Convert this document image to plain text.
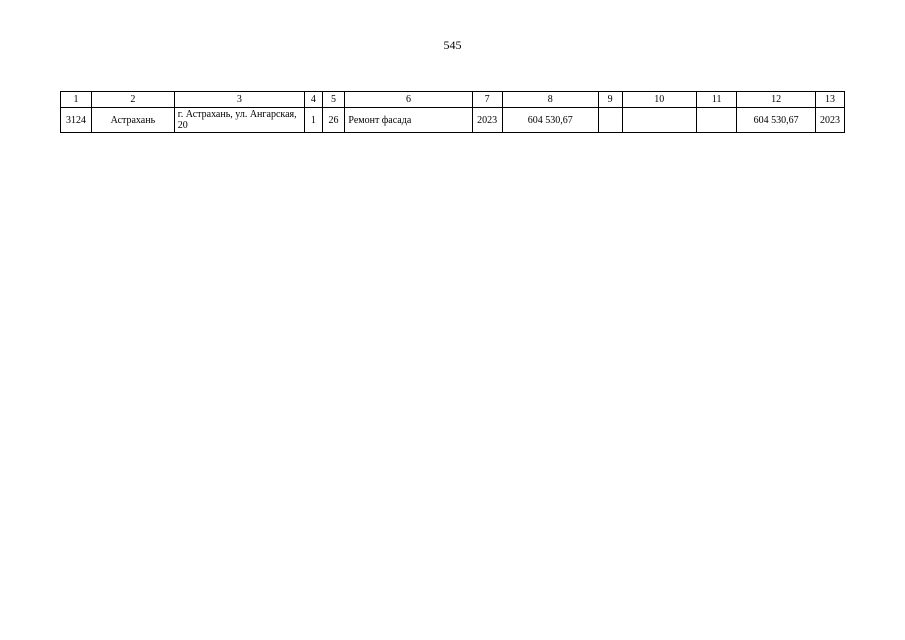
545
1	2	3	4	5	6	7	8	9	10	11	12	13
3124	Астрахань	г. Астрахань, ул. Ангарская, 20	1	26	Ремонт фасада	2023	604 530,67				604 530,67	2023
